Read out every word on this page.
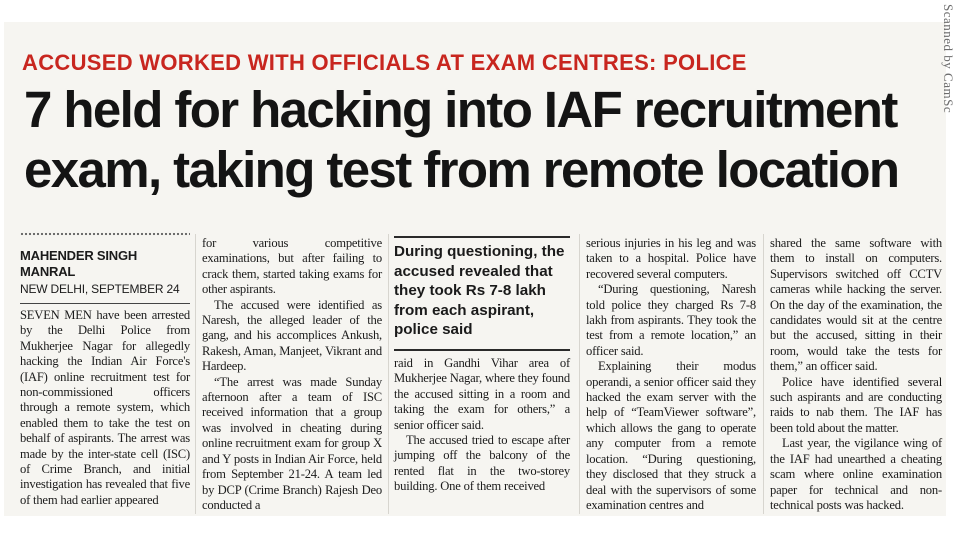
ACCUSED WORKED WITH OFFICIALS AT EXAM CENTRES: POLICE
7 held for hacking into IAF recruitment
exam, taking test from remote location
MAHENDER SINGH
MANRAL
NEW DELHI, SEPTEMBER 24

SEVEN MEN have been arrested by the Delhi Police from Mukherjee Nagar for allegedly hacking the Indian Air Force's (IAF) online recruitment test for non-commissioned officers through a remote system, which enabled them to take the test on behalf of aspirants. The arrest was made by the inter-state cell (ISC) of Crime Branch, and initial investigation has revealed that five of them had earlier appeared

for various competitive examinations, but after failing to crack them, started taking exams for other aspirants.

The accused were identified as Naresh, the alleged leader of the gang, and his accomplices Ankush, Rakesh, Aman, Manjeet, Vikrant and Hardeep.

“The arrest was made Sunday afternoon after a team of ISC received information that a group was involved in cheating during online recruitment exam for group X and Y posts in Indian Air Force, held from September 21-24. A team led by DCP (Crime Branch) Rajesh Deo conducted a

During questioning, the accused revealed that they took Rs 7-8 lakh from each aspirant, police said

raid in Gandhi Vihar area of Mukherjee Nagar, where they found the accused sitting in a room and taking the exam for others,” a senior officer said.

The accused tried to escape after jumping off the balcony of the rented flat in the two-storey building. One of them received

serious injuries in his leg and was taken to a hospital. Police have recovered several computers.

“During questioning, Naresh told police they charged Rs 7-8 lakh from aspirants. They took the test from a remote location,” an officer said.

Explaining their modus operandi, a senior officer said they hacked the exam server with the help of “TeamViewer software”, which allows the gang to operate any computer from a remote location. “During questioning, they disclosed that they struck a deal with the supervisors of some examination centres and

shared the same software with them to install on computers. Supervisors switched off CCTV cameras while hacking the server. On the day of the examination, the candidates would sit at the centre but the accused, sitting in their room, would take the tests for them,” an officer said.

Police have identified several such aspirants and are conducting raids to nab them. The IAF has been told about the matter.

Last year, the vigilance wing of the IAF had unearthed a cheating scam where online examination paper for technical and non-technical posts was hacked.

Scanned by CamSc
